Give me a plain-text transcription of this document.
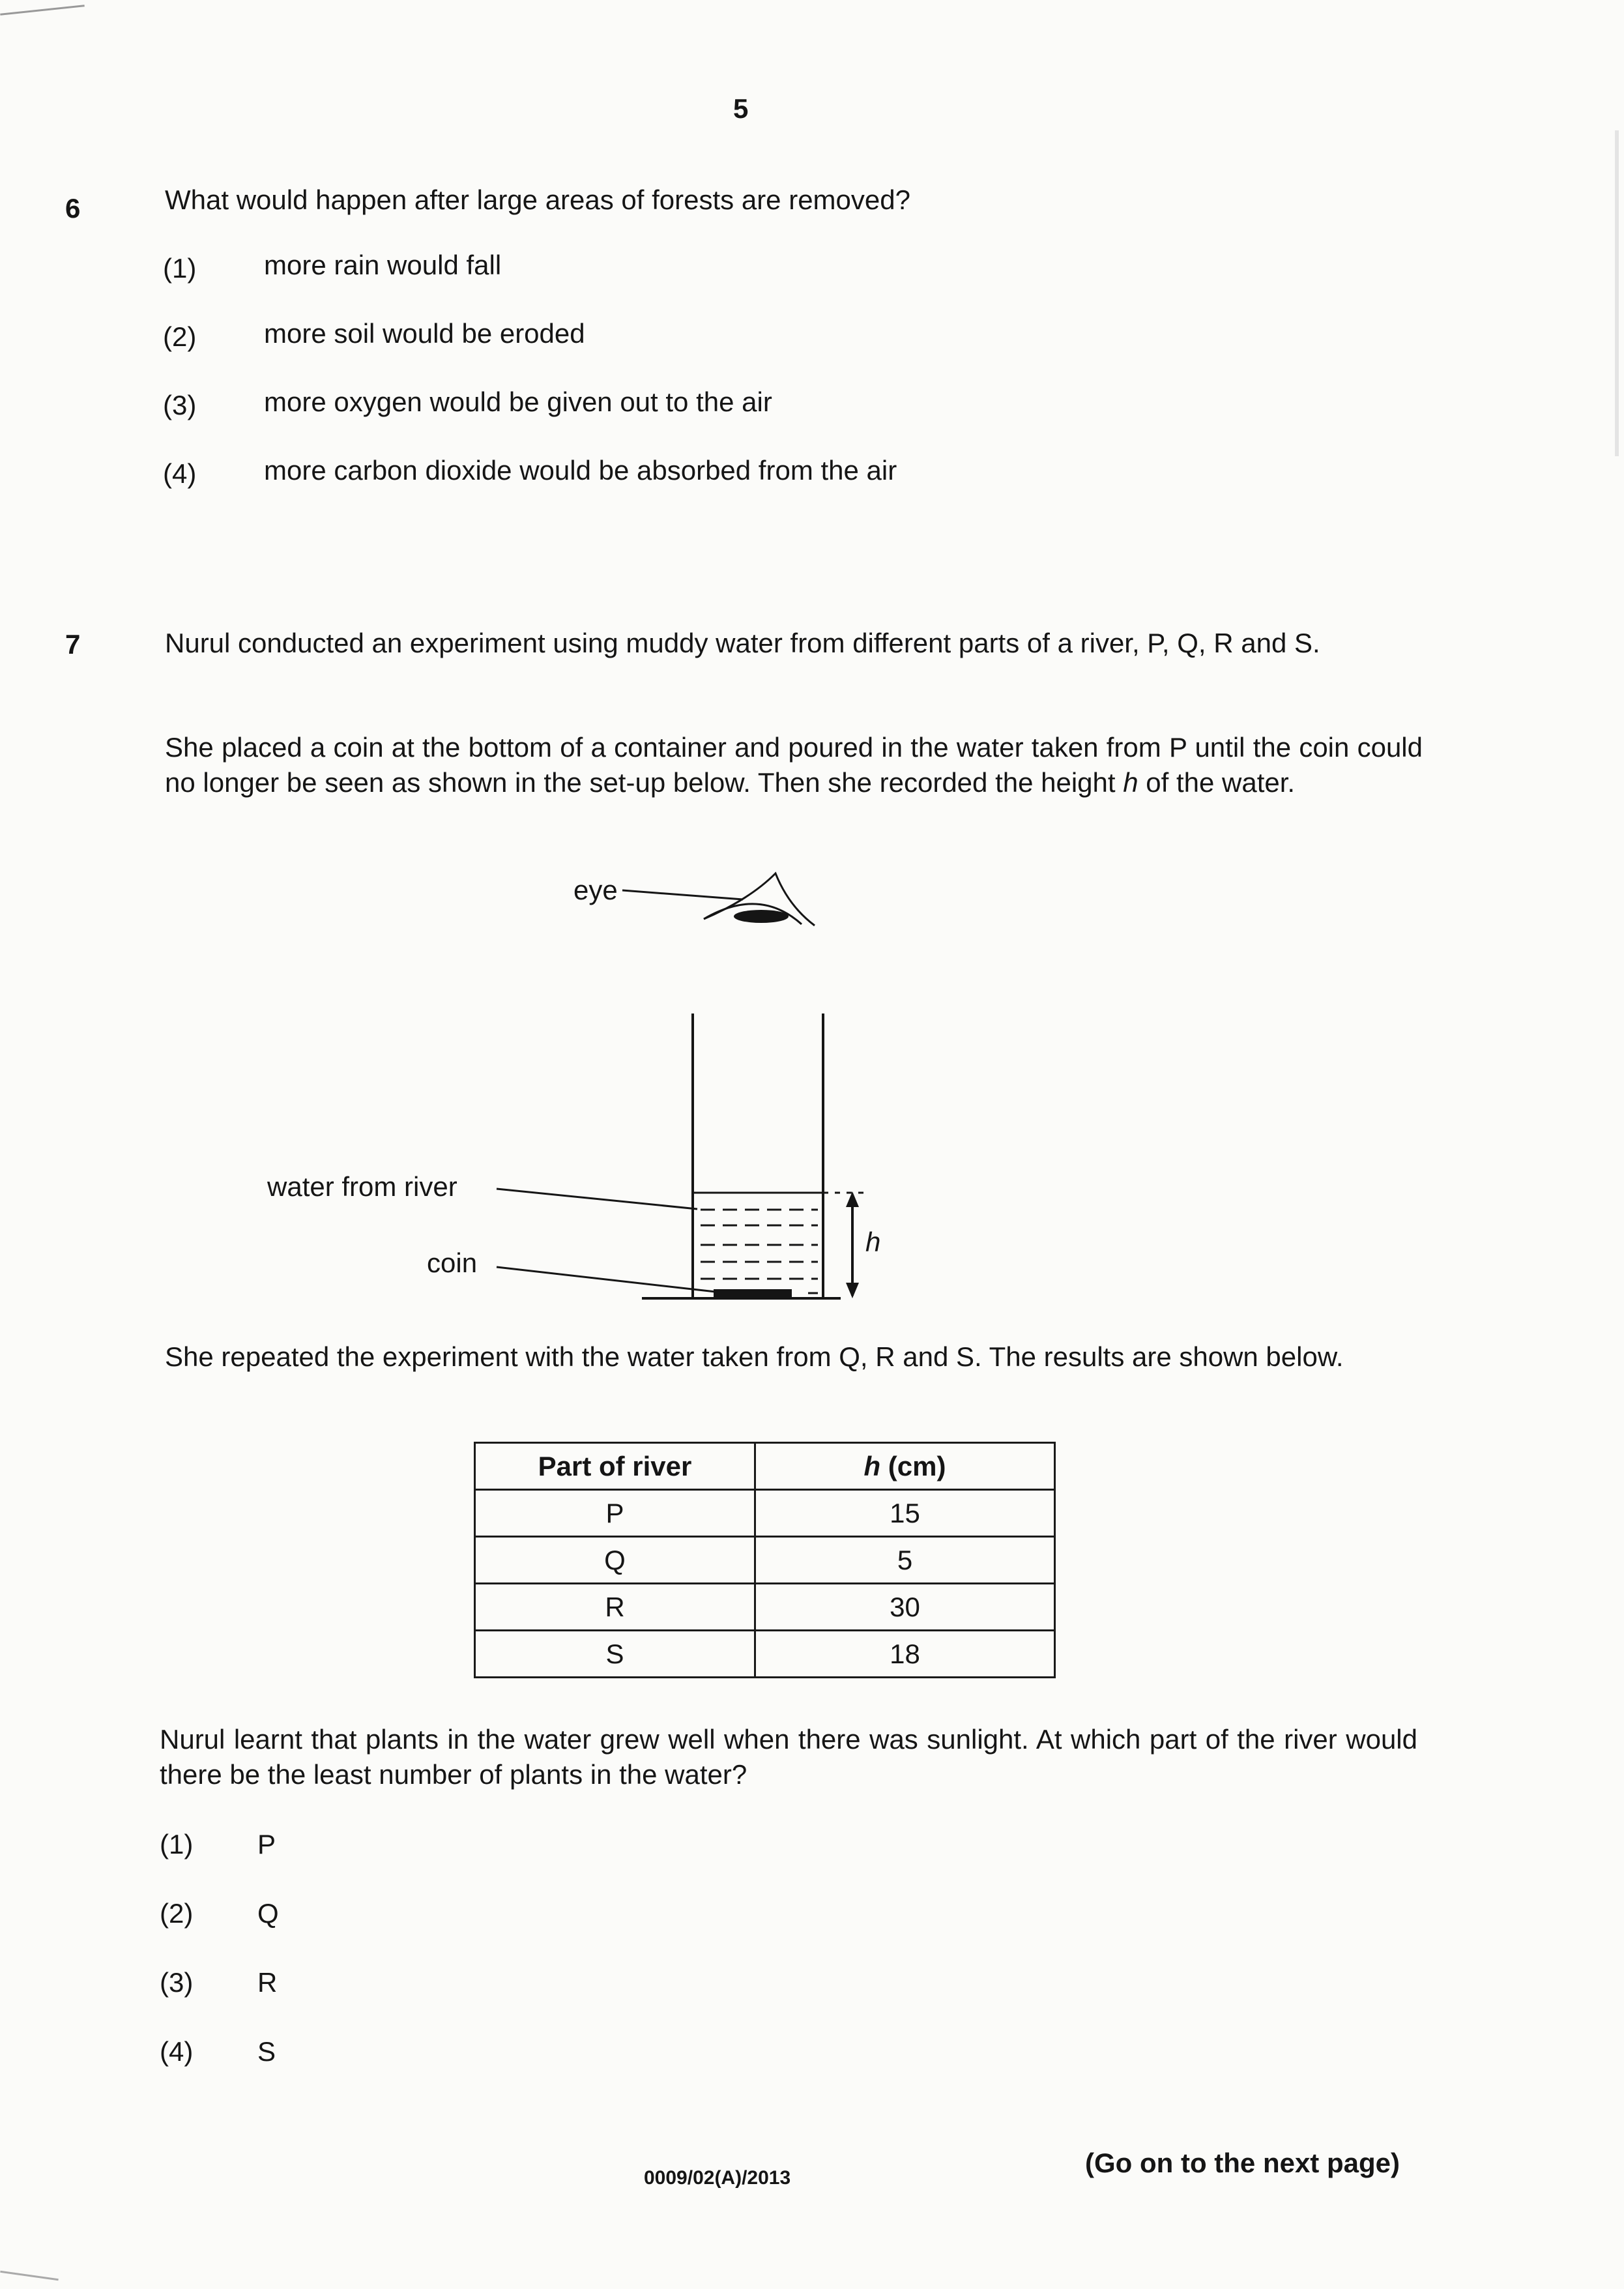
5
6	What would happen after large areas of forests are removed?
(1) more rain would fall
(2) more soil would be eroded
(3) more oxygen would be given out to the air
(4) more carbon dioxide would be absorbed from the air
7	Nurul conducted an experiment using muddy water from different parts of a river, P, Q, R and S.
She placed a coin at the bottom of a container and poured in the water taken from P until the coin could no longer be seen as shown in the set-up below. Then she recorded the height h of the water.
eye
water from river
coin
h
She repeated the experiment with the water taken from Q, R and S. The results are shown below.
Part of river	h (cm)
P	15
Q	5
R	30
S	18
Nurul learnt that plants in the water grew well when there was sunlight. At which part of the river would there be the least number of plants in the water?
(1) P
(2) Q
(3) R
(4) S
0009/02(A)/2013	(Go on to the next page)
